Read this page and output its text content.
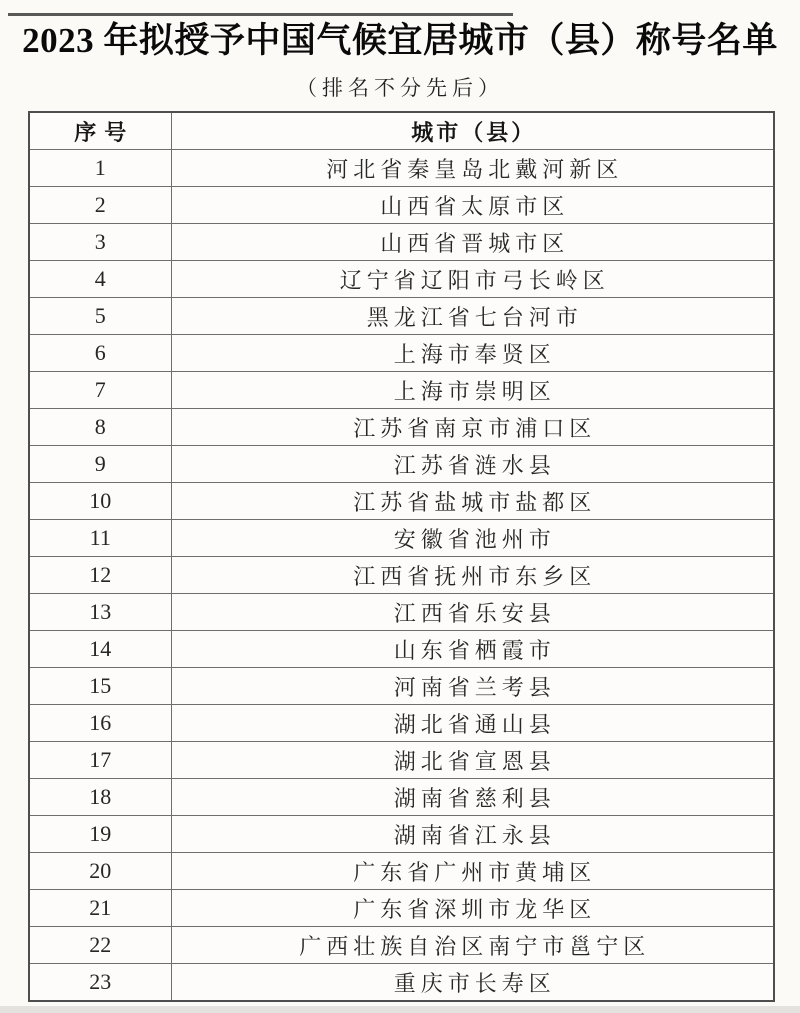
2023 年拟授予中国气候宜居城市（县）称号名单
（排名不分先后）
序号	城市（县）
1	河北省秦皇岛北戴河新区
2	山西省太原市区
3	山西省晋城市区
4	辽宁省辽阳市弓长岭区
5	黑龙江省七台河市
6	上海市奉贤区
7	上海市崇明区
8	江苏省南京市浦口区
9	江苏省涟水县
10	江苏省盐城市盐都区
11	安徽省池州市
12	江西省抚州市东乡区
13	江西省乐安县
14	山东省栖霞市
15	河南省兰考县
16	湖北省通山县
17	湖北省宣恩县
18	湖南省慈利县
19	湖南省江永县
20	广东省广州市黄埔区
21	广东省深圳市龙华区
22	广西壮族自治区南宁市邕宁区
23	重庆市长寿区
